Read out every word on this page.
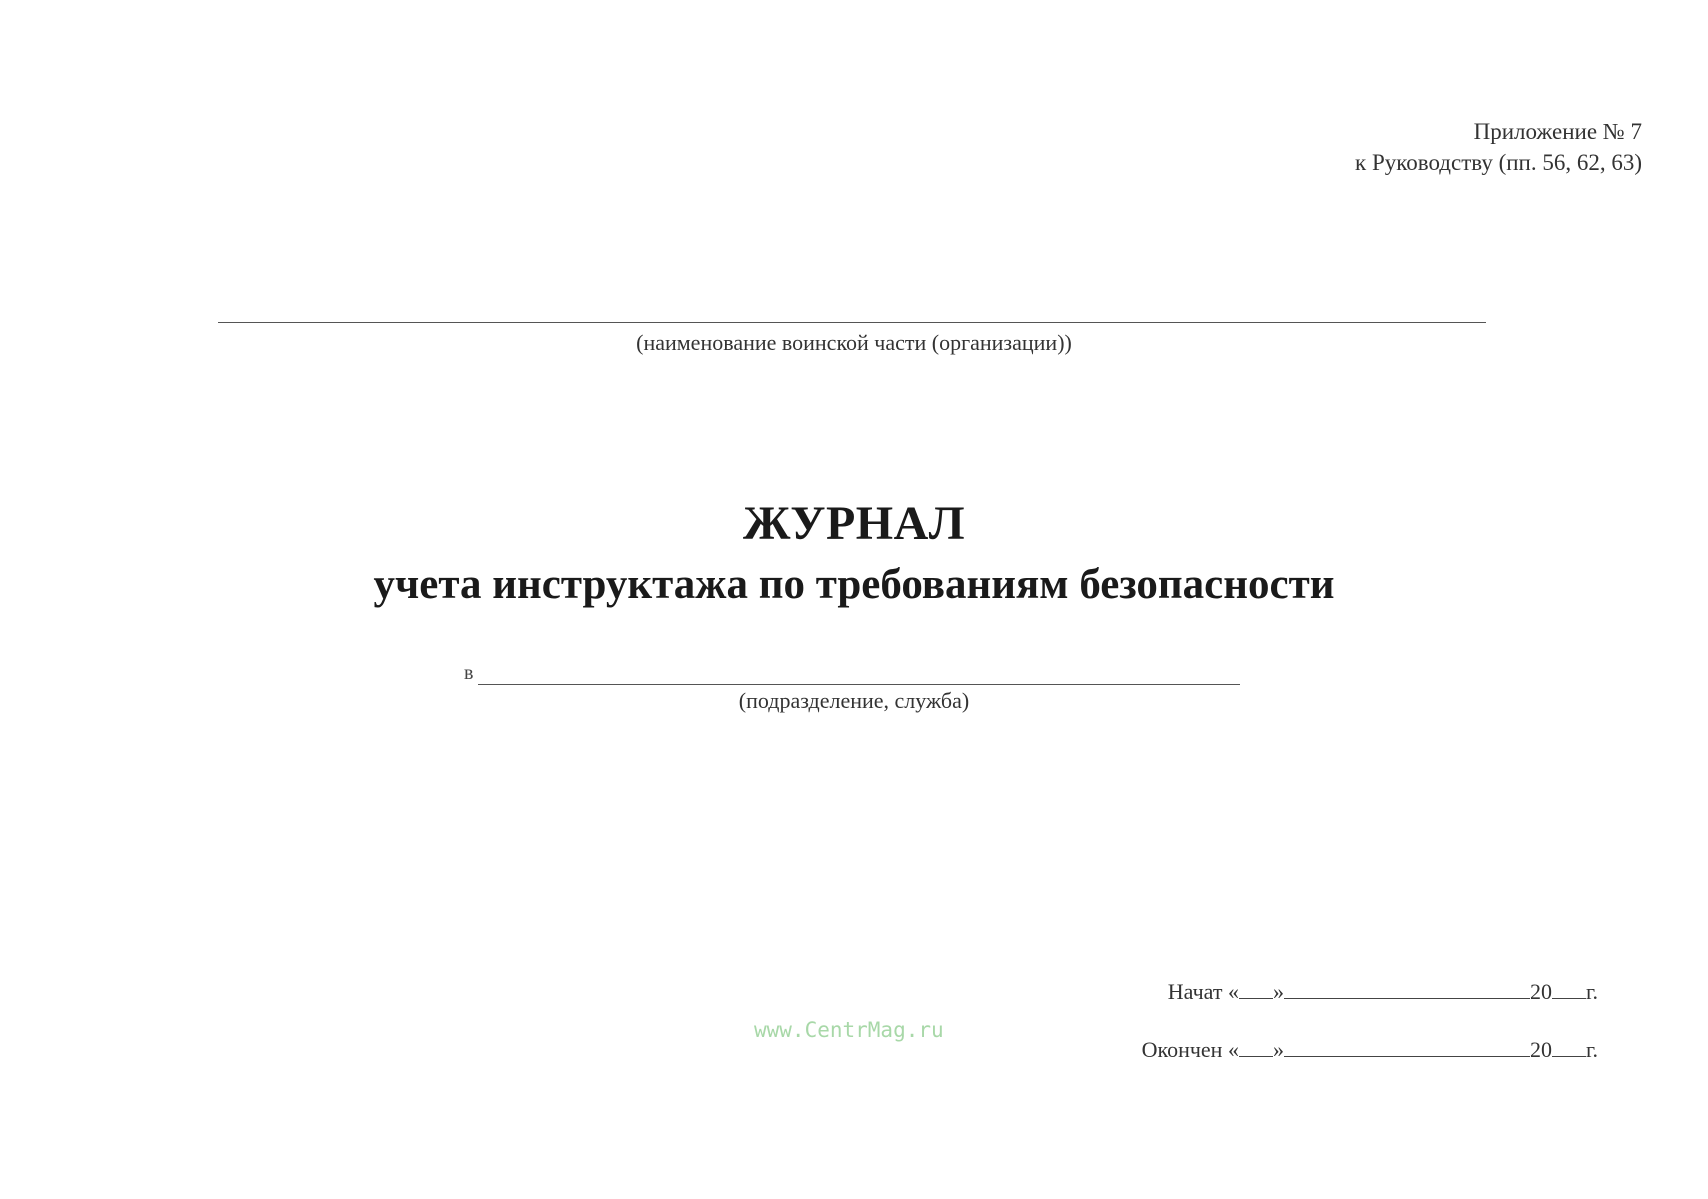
Приложение № 7
к Руководству (пп. 56, 62, 63)
(наименование воинской части (организации))
ЖУРНАЛ
учета инструктажа по требованиям безопасности
в
(подразделение, служба)
Начат
« »	20 г.
Окончен
« »	20 г.
www.CentrMag.ru
